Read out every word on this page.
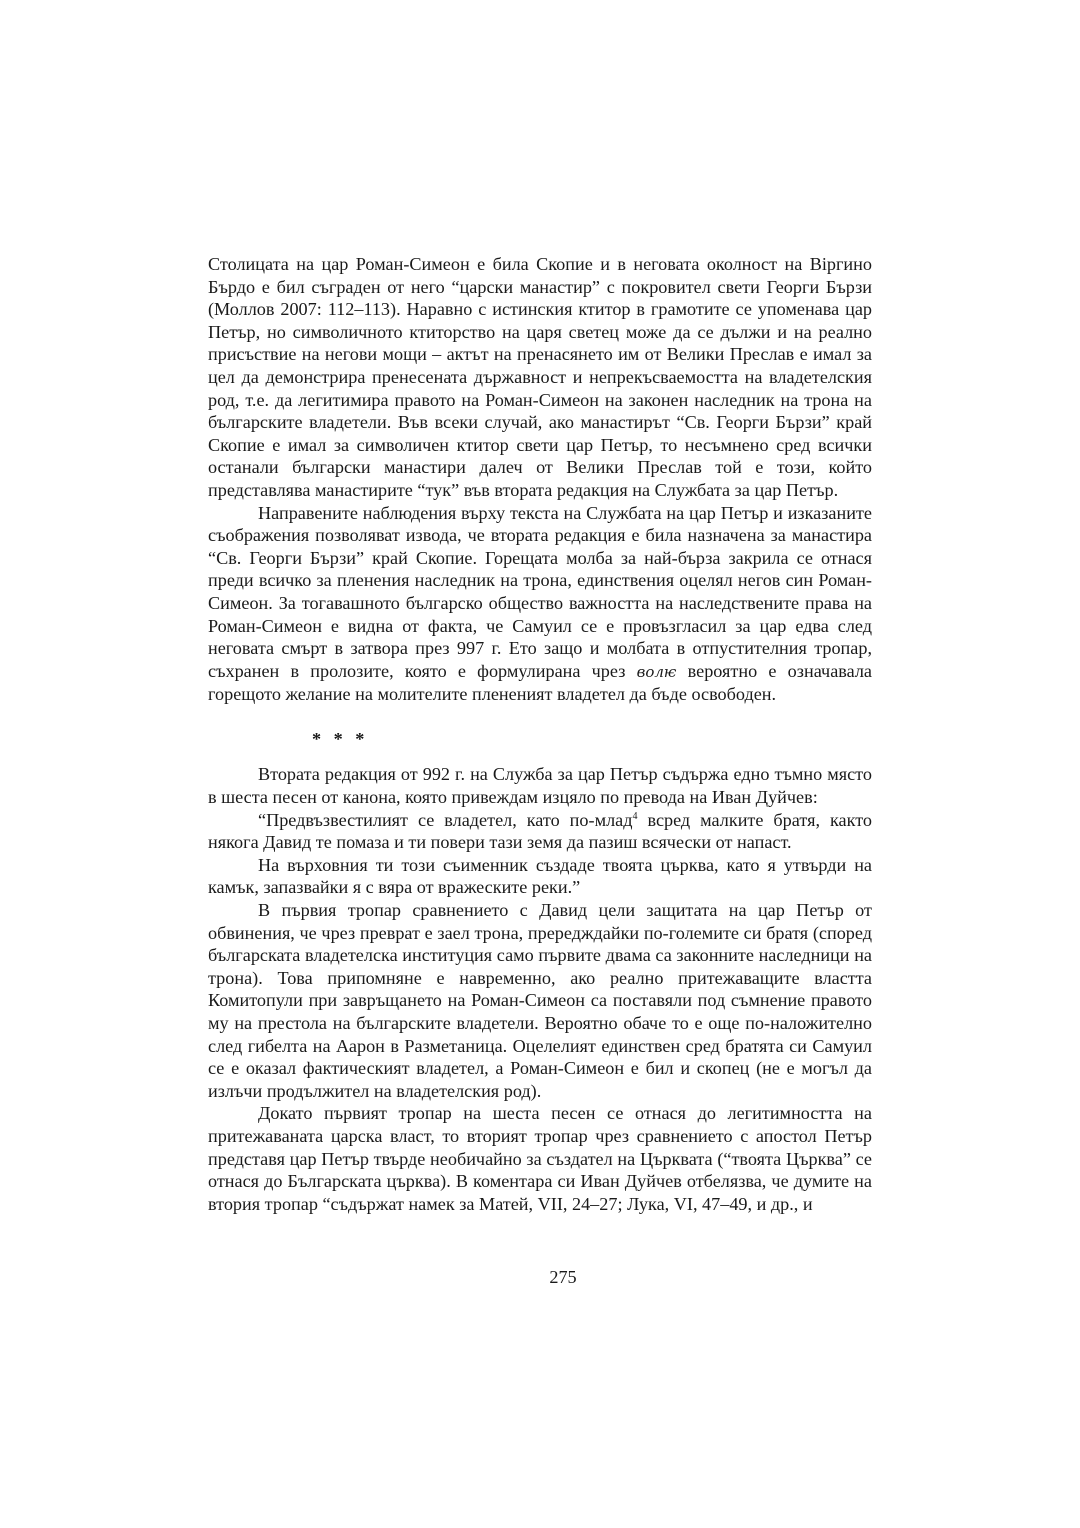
Столицата на цар Роман-Симеон е била Скопие и в неговата околност на Віргино Бърдо е бил съграден от него “царски манастир” с покровител свети Георги Бързи (Моллов 2007: 112–113). Наравно с истинския ктитор в грамотите се упоменава цар Петър, но символичното ктиторство на царя светец може да се дължи и на реално присъствие на негови мощи – актът на пренасянето им от Велики Преслав е имал за цел да демонстрира пренесената държавност и непрекъсваемостта на владетелския род, т.е. да легитимира правото на Роман-Симеон на законен наследник на трона на българските владетели. Във всеки случай, ако манастирът “Св. Георги Бързи” край Скопие е имал за символичен ктитор свети цар Петър, то несъмнено сред всички останали български манастири далеч от Велики Преслав той е този, който представлява манастирите “тук” във втората редакция на Службата за цар Петър.

Направените наблюдения върху текста на Службата на цар Петър и изказаните съображения позволяват извода, че втората редакция е била назначена за манастира “Св. Георги Бързи” край Скопие. Горещата молба за най-бърза закрила се отнася преди всичко за пленения наследник на трона, единствения оцелял негов син Роман-Симеон. За тогавашното българско общество важността на наследствените права на Роман-Симеон е видна от факта, че Самуил се е провъзгласил за цар едва след неговата смърт в затвора през 997 г. Ето защо и молбата в отпустителния тропар, съхранен в пролозите, която е формулирана чрез волѥ вероятно е означавала горещото желание на молителите пленeният владетел да бъде освободен.

* * *

Втората редакция от 992 г. на Служба за цар Петър съдържа едно тъмно място в шеста песен от канона, която привеждам изцяло по превода на Иван Дуйчев:

“Предвъзвестилият се владетел, като по-млад$^4$ всред малките братя, както някога Давид те помаза и ти повери тази земя да пазиш всячески от напаст.

На върховния ти този съименник създаде твоята църква, като я утвърди на камък, запазвайки я с вяра от вражеските реки.”

В първия тропар сравнението с Давид цели защитата на цар Петър от обвинения, че чрез преврат е заел трона, прередждайки по-големите си братя (според българската владетелска институция само първите двама са законните наследници на трона). Това припомняне е навременно, ако реално притежаващите властта Комитопули при завръщането на Роман-Симеон са поставяли под съмнение правото му на престола на българските владетели. Вероятно обаче то е още по-наложително след гибелта на Аарон в Разметаница. Оцелелият единствен сред братята си Самуил се е оказал фактическият владетел, а Роман-Симеон е бил и скопец (не е могъл да излъчи продължител на владетелския род).

Докато първият тропар на шеста песен се отнася до легитимността на притежаваната царска власт, то вторият тропар чрез сравнението с апостол Петър представя цар Петър твърде необичайно за създател на Църквата (“твоята Църква” се отнася до Българската църква). В коментара си Иван Дуйчев отбелязва, че думите на втория тропар “съдържат намек за Матей, VII, 24–27; Лука, VI, 47–49, и др., и

275
